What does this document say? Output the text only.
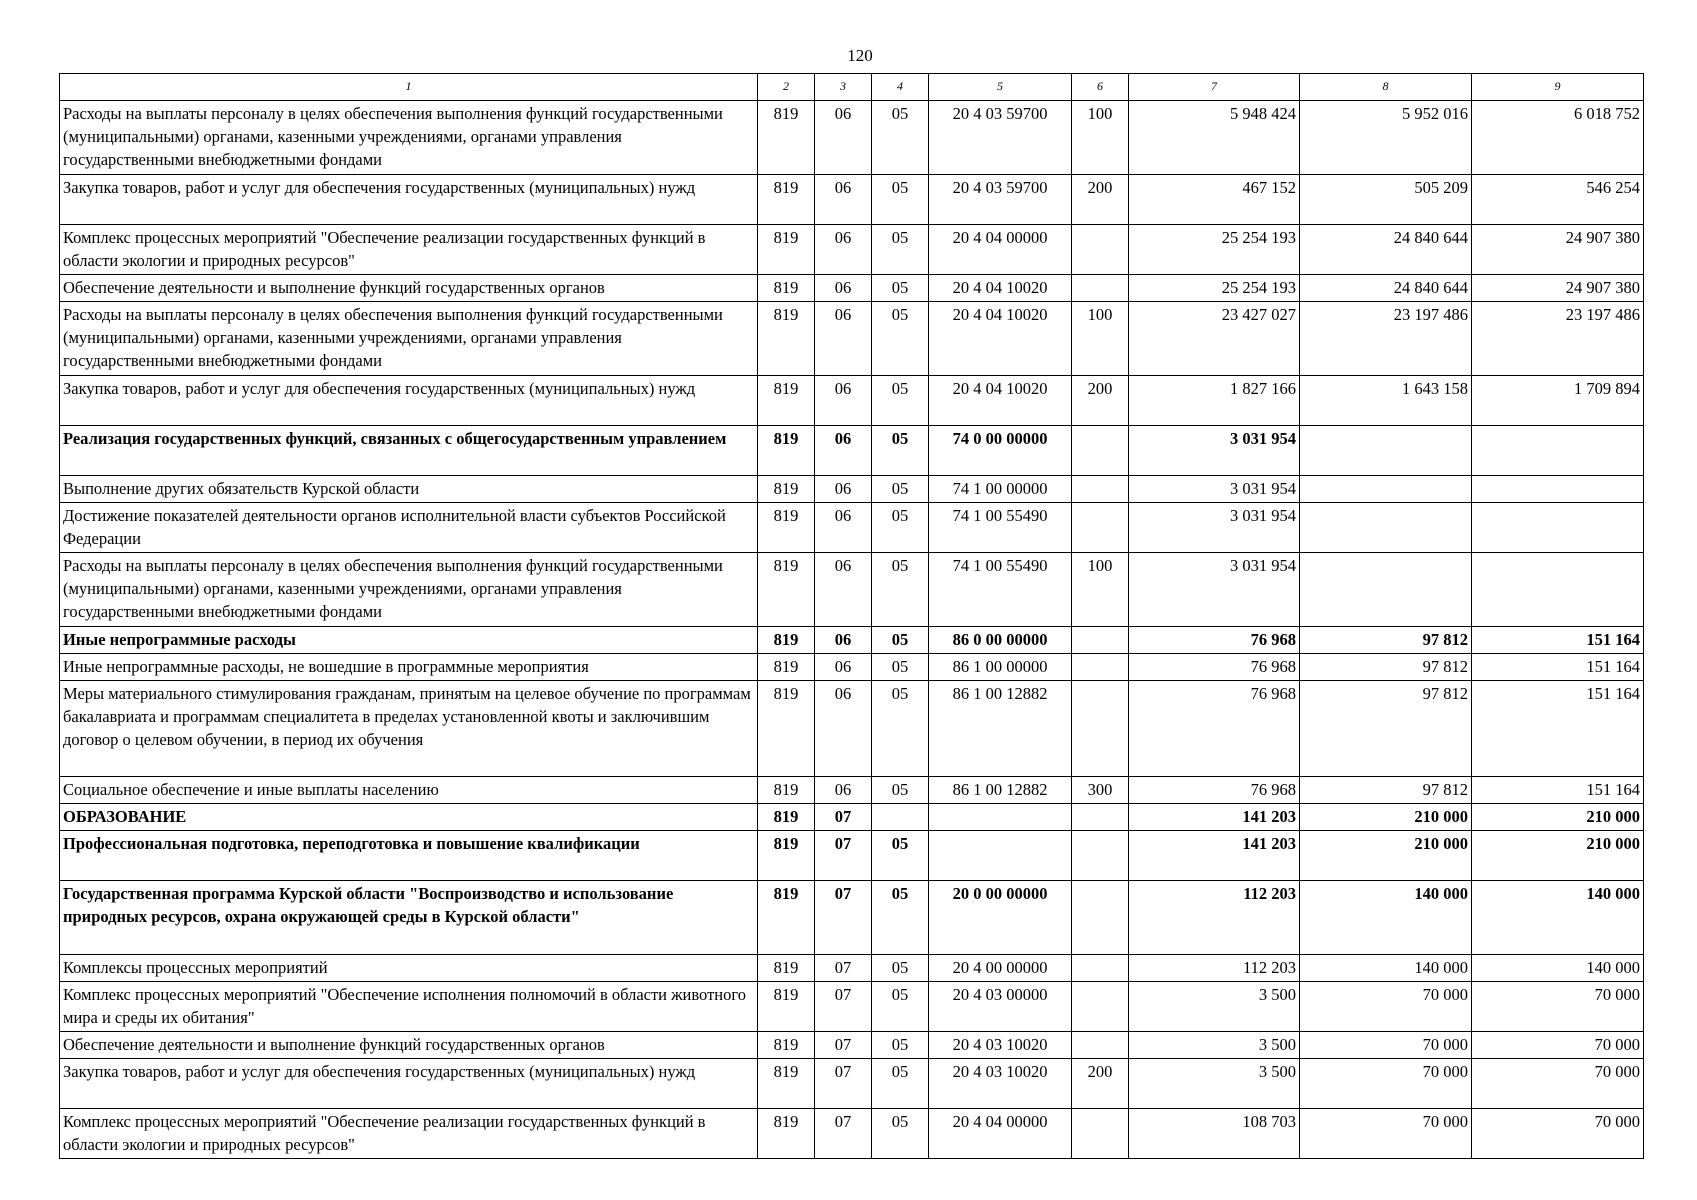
120
1	2	3	4	5	6	7	8	9
Расходы на выплаты персоналу в целях обеспечения выполнения функций государственными (муниципальными) органами, казенными учреждениями, органами управления государственными внебюджетными фондами	819	06	05	20 4 03 59700	100	5 948 424	5 952 016	6 018 752
Закупка товаров, работ и услуг для обеспечения государственных (муниципальных) нужд	819	06	05	20 4 03 59700	200	467 152	505 209	546 254
Комплекс процессных мероприятий "Обеспечение реализации государственных функций в области экологии и природных ресурсов"	819	06	05	20 4 04 00000		25 254 193	24 840 644	24 907 380
Обеспечение деятельности и выполнение функций государственных органов	819	06	05	20 4 04 10020		25 254 193	24 840 644	24 907 380
Расходы на выплаты персоналу в целях обеспечения выполнения функций государственными (муниципальными) органами, казенными учреждениями, органами управления государственными внебюджетными фондами	819	06	05	20 4 04 10020	100	23 427 027	23 197 486	23 197 486
Закупка товаров, работ и услуг для обеспечения государственных (муниципальных) нужд	819	06	05	20 4 04 10020	200	1 827 166	1 643 158	1 709 894
Реализация государственных функций, связанных с общегосударственным управлением	819	06	05	74 0 00 00000		3 031 954		
Выполнение других обязательств Курской области	819	06	05	74 1 00 00000		3 031 954		
Достижение показателей деятельности органов исполнительной власти субъектов Российской Федерации	819	06	05	74 1 00 55490		3 031 954		
Расходы на выплаты персоналу в целях обеспечения выполнения функций государственными (муниципальными) органами, казенными учреждениями, органами управления государственными внебюджетными фондами	819	06	05	74 1 00 55490	100	3 031 954		
Иные непрограммные расходы	819	06	05	86 0 00 00000		76 968	97 812	151 164
Иные непрограммные расходы, не вошедшие в программные мероприятия	819	06	05	86 1 00 00000		76 968	97 812	151 164
Меры материального стимулирования гражданам, принятым на целевое обучение по программам бакалавриата и программам специалитета в пределах установленной квоты и заключившим договор о целевом обучении, в период их обучения	819	06	05	86 1 00 12882		76 968	97 812	151 164
Социальное обеспечение и иные выплаты населению	819	06	05	86 1 00 12882	300	76 968	97 812	151 164
ОБРАЗОВАНИЕ	819	07				141 203	210 000	210 000
Профессиональная подготовка, переподготовка и повышение квалификации	819	07	05			141 203	210 000	210 000
Государственная программа Курской области "Воспроизводство и использование природных ресурсов, охрана окружающей среды в Курской области"	819	07	05	20 0 00 00000		112 203	140 000	140 000
Комплексы процессных мероприятий	819	07	05	20 4 00 00000		112 203	140 000	140 000
Комплекс процессных мероприятий "Обеспечение исполнения полномочий в области животного мира и среды их обитания"	819	07	05	20 4 03 00000		3 500	70 000	70 000
Обеспечение деятельности и выполнение функций государственных органов	819	07	05	20 4 03 10020		3 500	70 000	70 000
Закупка товаров, работ и услуг для обеспечения государственных (муниципальных) нужд	819	07	05	20 4 03 10020	200	3 500	70 000	70 000
Комплекс процессных мероприятий "Обеспечение реализации государственных функций в области экологии и природных ресурсов"	819	07	05	20 4 04 00000		108 703	70 000	70 000
